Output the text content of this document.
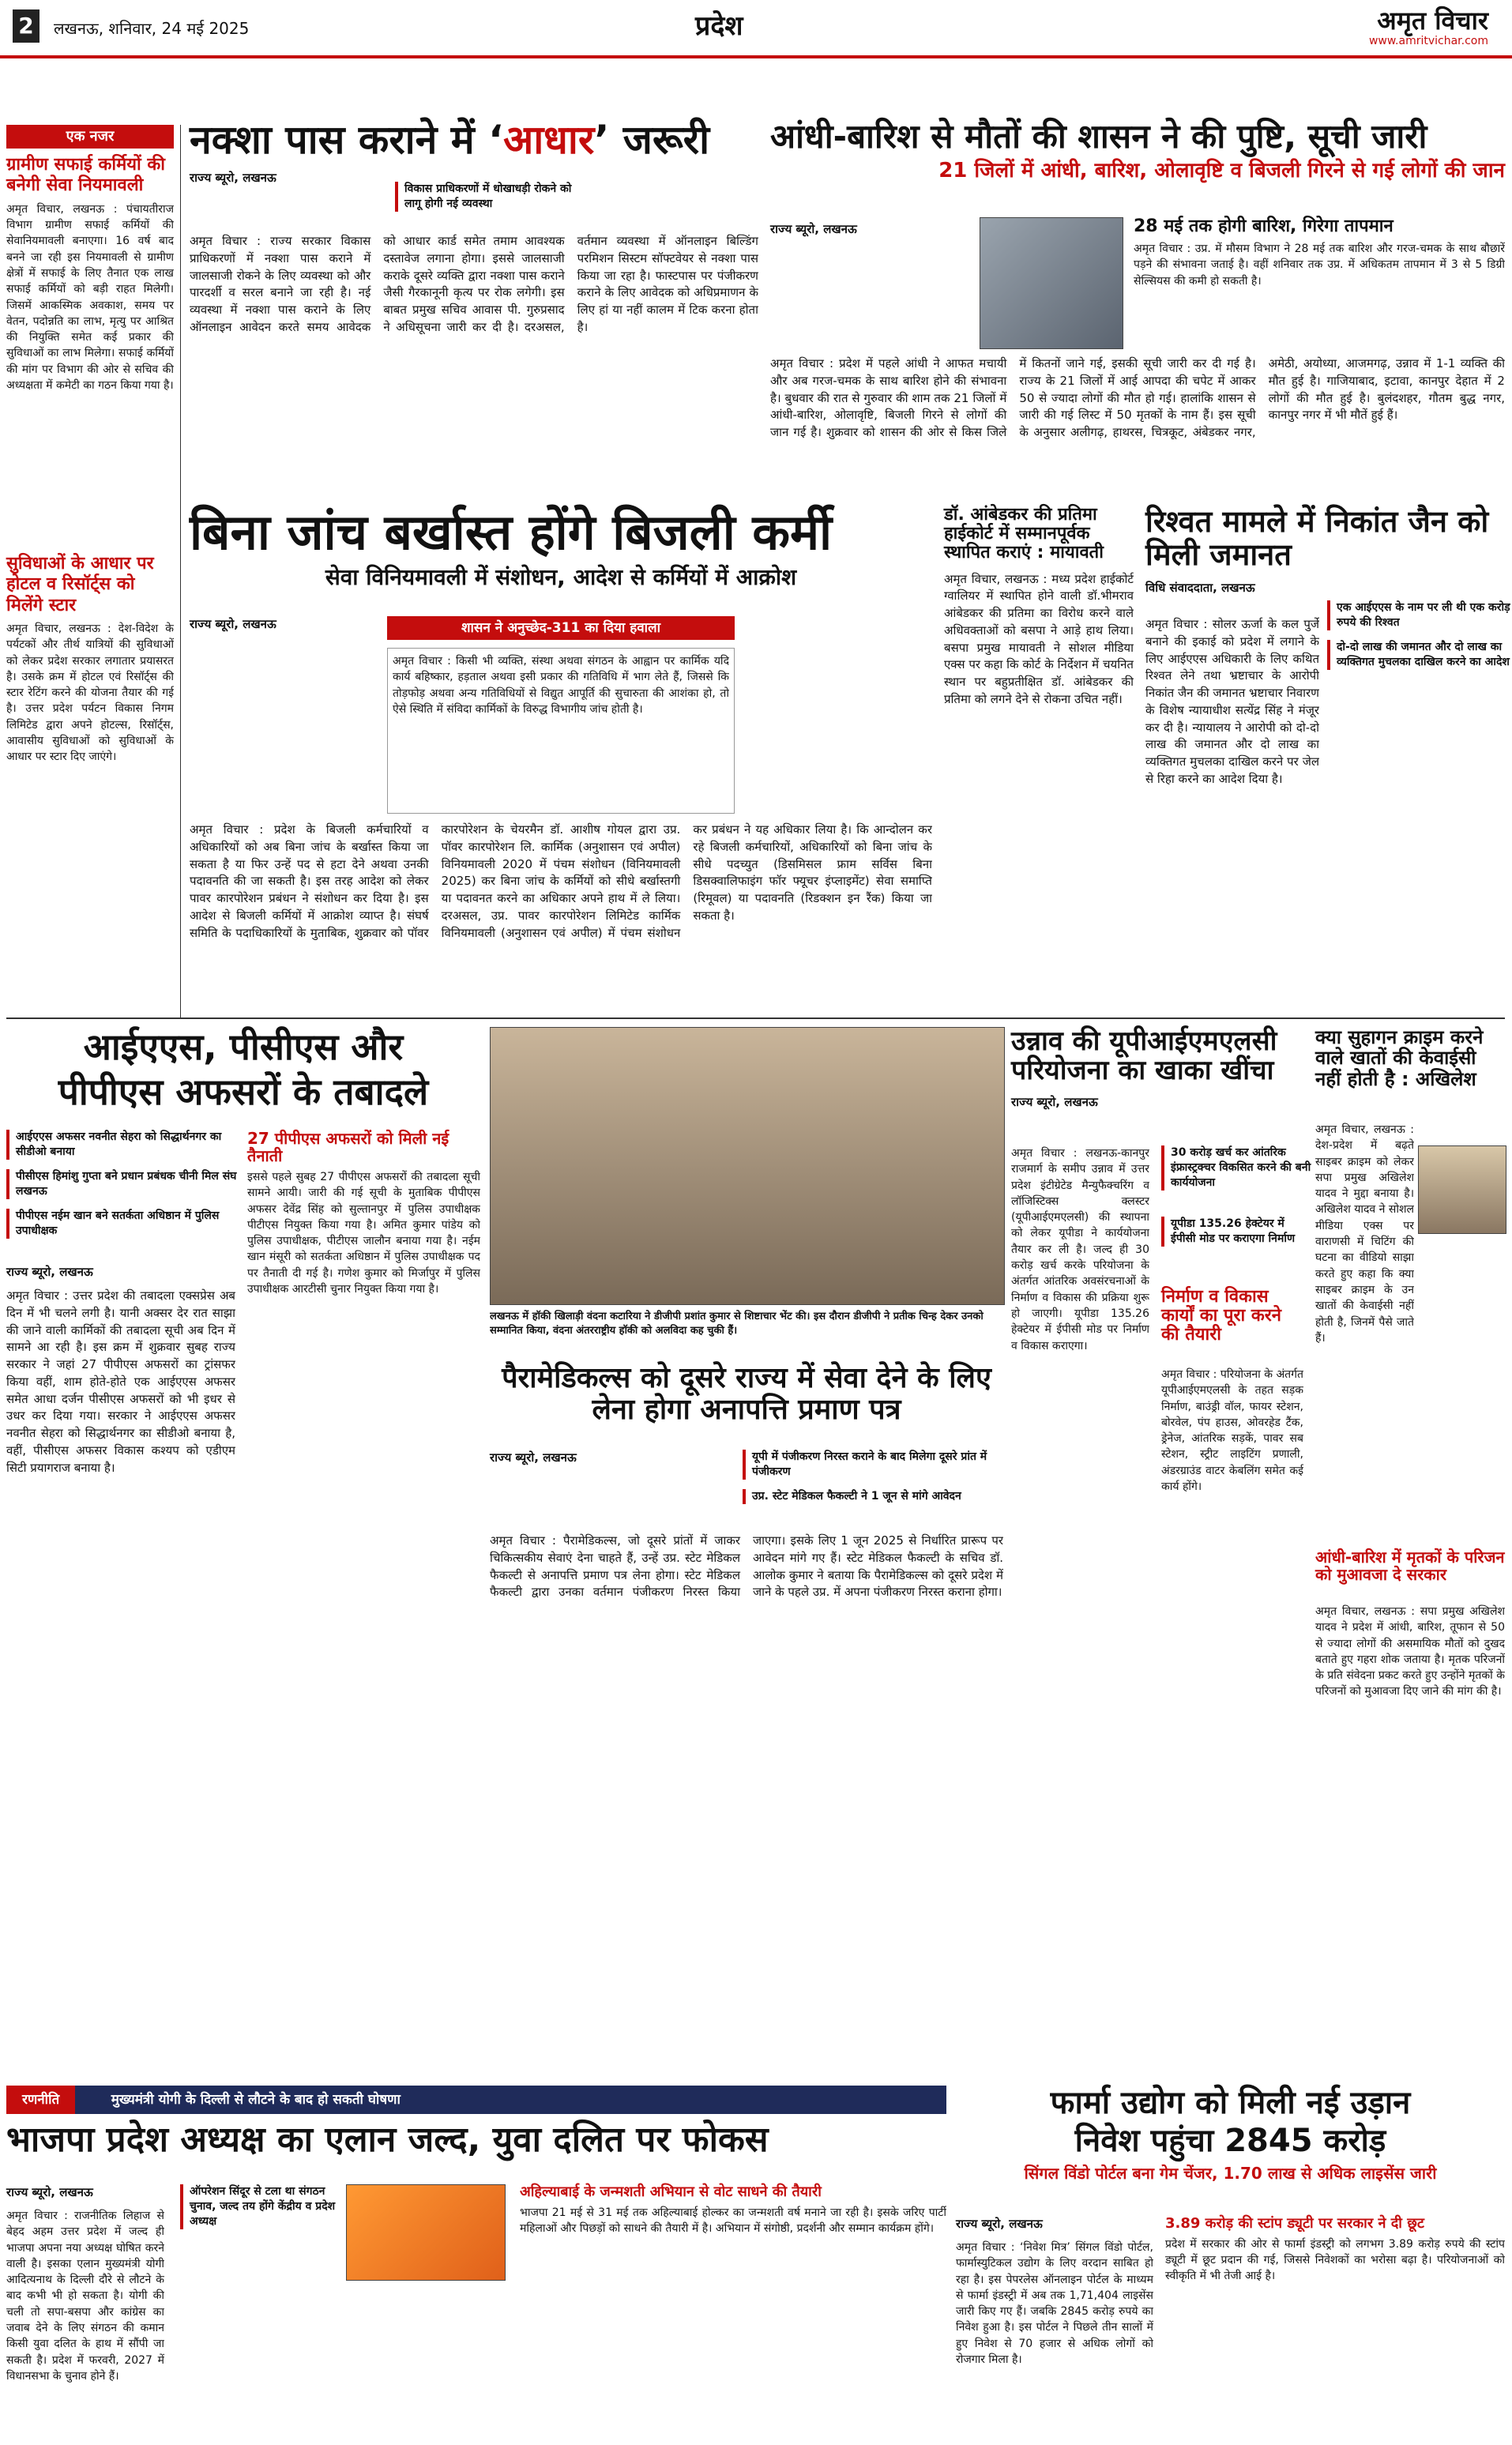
2	लखनऊ, शनिवार, 24 मई 2025	प्रदेश	अमृत विचार
www.amritvichar.com
एक नजर
ग्रामीण सफाई कर्मियों की बनेगी सेवा नियमावली
अमृत विचार, लखनऊ : पंचायतीराज विभाग ग्रामीण सफाई कर्मियों की सेवानियमावली बनाएगा। 16 वर्ष बाद बनने जा रही इस नियमावली से ग्रामीण क्षेत्रों में सफाई के लिए तैनात एक लाख सफाई कर्मियों को बड़ी राहत मिलेगी। जिसमें आकस्मिक अवकाश, समय पर वेतन, पदोन्नति का लाभ, मृत्यु पर आश्रित की नियुक्ति समेत कई प्रकार की सुविधाओं का लाभ मिलेगा। सफाई कर्मियों की मांग पर विभाग की ओर से सचिव की अध्यक्षता में कमेटी का गठन किया गया है।
सुविधाओं के आधार पर होटल व रिसॉर्ट्स को मिलेंगे स्टार
अमृत विचार, लखनऊ : देश-विदेश के पर्यटकों और तीर्थ यात्रियों की सुविधाओं को लेकर प्रदेश सरकार लगातार प्रयासरत है। उसके क्रम में होटल एवं रिसॉर्ट्स की स्टार रेटिंग करने की योजना तैयार की गई है। उत्तर प्रदेश पर्यटन विकास निगम लिमिटेड द्वारा अपने होटल्स, रिसॉर्ट्स, आवासीय सुविधाओं को सुविधाओं के आधार पर स्टार दिए जाएंगे।
नक्शा पास कराने में ‘आधार’ जरूरी
राज्य ब्यूरो, लखनऊ
विकास प्राधिकरणों में धोखाधड़ी रोकने को लागू होगी नई व्यवस्था
अमृत विचार : राज्य सरकार विकास प्राधिकरणों में नक्शा पास कराने में जालसाजी रोकने के लिए व्यवस्था को और पारदर्शी व सरल बनाने जा रही है। नई व्यवस्था में नक्शा पास कराने के लिए ऑनलाइन आवेदन करते समय आवेदक को आधार कार्ड समेत तमाम आवश्यक दस्तावेज लगाना होगा। इससे जालसाजी कराके दूसरे व्यक्ति द्वारा नक्शा पास कराने जैसी गैरकानूनी कृत्य पर रोक लगेगी। इस बाबत प्रमुख सचिव आवास पी. गुरुप्रसाद ने अधिसूचना जारी कर दी है। दरअसल, वर्तमान व्यवस्था में ऑनलाइन बिल्डिंग परमिशन सिस्टम सॉफ्टवेयर से नक्शा पास किया जा रहा है। फास्टपास पर पंजीकरण कराने के लिए आवेदक को अधिप्रमाणन के लिए हां या नहीं कालम में टिक करना होता है।
आंधी-बारिश से मौतों की शासन ने की पुष्टि, सूची जारी
21 जिलों में आंधी, बारिश, ओलावृष्टि व बिजली गिरने से गई लोगों की जान
राज्य ब्यूरो, लखनऊ	28 मई तक होगी बारिश, गिरेगा तापमान
अमृत विचार : उप्र. में मौसम विभाग ने 28 मई तक बारिश और गरज-चमक के साथ बौछारें पड़ने की संभावना जताई है। वहीं शनिवार तक उप्र. में अधिकतम तापमान में 3 से 5 डिग्री सेल्सियस की कमी हो सकती है।
अमृत विचार : प्रदेश में पहले आंधी ने आफत मचायी और अब गरज-चमक के साथ बारिश होने की संभावना है। बुधवार की रात से गुरुवार की शाम तक 21 जिलों में आंधी-बारिश, ओलावृष्टि, बिजली गिरने से लोगों की जान गई है। शुक्रवार को शासन की ओर से किस जिले में कितनों जाने गई, इसकी सूची जारी कर दी गई है। राज्य के 21 जिलों में आई आपदा की चपेट में आकर 50 से ज्यादा लोगों की मौत हो गई। हालांकि शासन से जारी की गई लिस्ट में 50 मृतकों के नाम हैं। इस सूची के अनुसार अलीगढ़, हाथरस, चित्रकूट, अंबेडकर नगर, अमेठी, अयोध्या, आजमगढ़, उन्नाव में 1-1 व्यक्ति की मौत हुई है। गाजियाबाद, इटावा, कानपुर देहात में 2 लोगों की मौत हुई है। बुलंदशहर, गौतम बुद्ध नगर, कानपुर नगर में भी मौतें हुई हैं।
बिना जांच बर्खास्त होंगे बिजली कर्मी
सेवा विनियमावली में संशोधन, आदेश से कर्मियों में आक्रोश
राज्य ब्यूरो, लखनऊ	शासन ने अनुच्छेद-311 का दिया हवाला
अमृत विचार : किसी भी व्यक्ति, संस्था अथवा संगठन के आह्वान पर कार्मिक यदि कार्य बहिष्कार, हड़ताल अथवा इसी प्रकार की गतिविधि में भाग लेते हैं, जिससे कि तोड़फोड़ अथवा अन्य गतिविधियों से विद्युत आपूर्ति की सुचारुता की आशंका हो, तो ऐसे स्थिति में संविदा कार्मिकों के विरुद्ध विभागीय जांच होती है।
अमृत विचार : प्रदेश के बिजली कर्मचारियों व अधिकारियों को अब बिना जांच के बर्खास्त किया जा सकता है या फिर उन्हें पद से हटा देने अथवा उनकी पदावनति की जा सकती है। इस तरह आदेश को लेकर पावर कारपोरेशन प्रबंधन ने संशोधन कर दिया है। इस आदेश से बिजली कर्मियों में आक्रोश व्याप्त है। संघर्ष समिति के पदाधिकारियों के मुताबिक, शुक्रवार को पॉवर कारपोरेशन के चेयरमैन डॉ. आशीष गोयल द्वारा उप्र. पॉवर कारपोरेशन लि. कार्मिक (अनुशासन एवं अपील) विनियमावली 2020 में पंचम संशोधन (विनियमावली 2025) कर बिना जांच के कर्मियों को सीधे बर्खास्तगी या पदावनत करने का अधिकार अपने हाथ में ले लिया। दरअसल, उप्र. पावर कारपोरेशन लिमिटेड कार्मिक विनियमावली (अनुशासन एवं अपील) में पंचम संशोधन कर प्रबंधन ने यह अधिकार लिया है। कि आन्दोलन कर रहे बिजली कर्मचारियों, अधिकारियों को बिना जांच के सीधे पदच्युत (डिसमिसल फ्राम सर्विस बिना डिसक्वालिफाइंग फॉर फ्यूचर इंप्लाइमेंट) सेवा समाप्ति (रिमूवल) या पदावनति (रिडक्शन इन रैंक) किया जा सकता है।
डॉ. आंबेडकर की प्रतिमा हाईकोर्ट में सम्मानपूर्वक स्थापित कराएं : मायावती
अमृत विचार, लखनऊ : मध्य प्रदेश हाईकोर्ट ग्वालियर में स्थापित होने वाली डॉ.भीमराव आंबेडकर की प्रतिमा का विरोध करने वाले अधिवक्ताओं को बसपा ने आड़े हाथ लिया। बसपा प्रमुख मायावती ने सोशल मीडिया एक्स पर कहा कि कोर्ट के निर्देशन में चयनित स्थान पर बहुप्रतीक्षित डॉ. आंबेडकर की प्रतिमा को लगने देने से रोकना उचित नहीं।
रिश्वत मामले में निकांत जैन को मिली जमानत
विधि संवाददाता, लखनऊ
एक आईएएस के नाम पर ली थी एक करोड़ रुपये की रिश्वत
दो-दो लाख की जमानत और दो लाख का व्यक्तिगत मुचलका दाखिल करने का आदेश
अमृत विचार : सोलर ऊर्जा के कल पुर्जे बनाने की इकाई को प्रदेश में लगाने के लिए आईएएस अधिकारी के लिए कथित रिश्वत लेने तथा भ्रष्टाचार के आरोपी निकांत जैन की जमानत भ्रष्टाचार निवारण के विशेष न्यायाधीश सत्येंद्र सिंह ने मंजूर कर दी है। न्यायालय ने आरोपी को दो-दो लाख की जमानत और दो लाख का व्यक्तिगत मुचलका दाखिल करने पर जेल से रिहा करने का आदेश दिया है।
आईएएस, पीसीएस और
पीपीएस अफसरों के तबादले
आईएएस अफसर नवनीत सेहरा को सिद्धार्थनगर का सीडीओ बनाया
पीसीएस हिमांशु गुप्ता बने प्रधान प्रबंधक चीनी मिल संघ लखनऊ
पीपीएस नईम खान बने सतर्कता अधिष्ठान में पुलिस उपाधीक्षक
राज्य ब्यूरो, लखनऊ
अमृत विचार : उत्तर प्रदेश की तबादला एक्सप्रेस अब दिन में भी चलने लगी है। यानी अक्सर देर रात साझा की जाने वाली कार्मिकों की तबादला सूची अब दिन में सामने आ रही है। इस क्रम में शुक्रवार सुबह राज्य सरकार ने जहां 27 पीपीएस अफसरों का ट्रांसफर किया वहीं, शाम होते-होते एक आईएएस अफसर समेत आधा दर्जन पीसीएस अफसरों को भी इधर से उधर कर दिया गया। सरकार ने आईएएस अफसर नवनीत सेहरा को सिद्धार्थनगर का सीडीओ बनाया है, वहीं, पीसीएस अफसर विकास कश्यप को एडीएम सिटी प्रयागराज बनाया है।
27 पीपीएस अफसरों को मिली नई तैनाती
इससे पहले सुबह 27 पीपीएस अफसरों की तबादला सूची सामने आयी। जारी की गई सूची के मुताबिक पीपीएस अफसर देवेंद्र सिंह को सुल्तानपुर में पुलिस उपाधीक्षक पीटीएस नियुक्त किया गया है। अमित कुमार पांडेय को पुलिस उपाधीक्षक, पीटीएस जालौन बनाया गया है। नईम खान मंसूरी को सतर्कता अधिष्ठान में पुलिस उपाधीक्षक पद पर तैनाती दी गई है। गणेश कुमार को मिर्जापुर में पुलिस उपाधीक्षक आरटीसी चुनार नियुक्त किया गया है।
लखनऊ में हॉकी खिलाड़ी वंदना कटारिया ने डीजीपी प्रशांत कुमार से शिष्टाचार भेंट की। इस दौरान डीजीपी ने प्रतीक चिन्ह देकर उनको सम्मानित किया, वंदना अंतरराष्ट्रीय हॉकी को अलविदा कह चुकी हैं।
पैरामेडिकल्स को दूसरे राज्य में सेवा देने के लिए लेना होगा अनापत्ति प्रमाण पत्र
राज्य ब्यूरो, लखनऊ	यूपी में पंजीकरण निरस्त कराने के बाद मिलेगा दूसरे प्रांत में पंजीकरण
उप्र. स्टेट मेडिकल फैकल्टी ने 1 जून से मांगे आवेदन
अमृत विचार : पैरामेडिकल्स, जो दूसरे प्रांतों में जाकर चिकित्सकीय सेवाएं देना चाहते हैं, उन्हें उप्र. स्टेट मेडिकल फैकल्टी से अनापत्ति प्रमाण पत्र लेना होगा। स्टेट मेडिकल फैकल्टी द्वारा उनका वर्तमान पंजीकरण निरस्त किया जाएगा। इसके लिए 1 जून 2025 से निर्धारित प्रारूप पर आवेदन मांगे गए हैं। स्टेट मेडिकल फैकल्टी के सचिव डॉ. आलोक कुमार ने बताया कि पैरामेडिकल्स को दूसरे प्रदेश में जाने के पहले उप्र. में अपना पंजीकरण निरस्त कराना होगा।
उन्नाव की यूपीआईएमएलसी परियोजना का खाका खींचा
राज्य ब्यूरो, लखनऊ
अमृत विचार : लखनऊ-कानपुर राजमार्ग के समीप उन्नाव में उत्तर प्रदेश इंटीग्रेटेड मैन्युफैक्चरिंग व लॉजिस्टिक्स क्लस्टर (यूपीआईएमएलसी) की स्थापना को लेकर यूपीडा ने कार्ययोजना तैयार कर ली है। जल्द ही 30 करोड़ खर्च करके परियोजना के अंतर्गत आंतरिक अवसंरचनाओं के निर्माण व विकास की प्रक्रिया शुरू हो जाएगी। यूपीडा 135.26 हेक्टेयर में ईपीसी मोड पर निर्माण व विकास कराएगा।
30 करोड़ खर्च कर आंतरिक इंफ्रास्ट्रक्चर विकसित करने की बनी कार्ययोजना
यूपीडा 135.26 हेक्टेयर में ईपीसी मोड पर कराएगा निर्माण
निर्माण व विकास कार्यों का पूरा करने की तैयारी
अमृत विचार : परियोजना के अंतर्गत यूपीआईएमएलसी के तहत सड़क निर्माण, बाउंड्री वॉल, फायर स्टेशन, बोरवेल, पंप हाउस, ओवरहेड टैंक, ड्रेनेज, आंतरिक सड़कें, पावर सब स्टेशन, स्ट्रीट लाइटिंग प्रणाली, अंडरग्राउंड वाटर केबलिंग समेत कई कार्य होंगे।
क्या सुहागन क्राइम करने वाले खातों की केवाईसी नहीं होती है : अखिलेश
अमृत विचार, लखनऊ : देश-प्रदेश में बढ़ते साइबर क्राइम को लेकर सपा प्रमुख अखिलेश यादव ने मुद्दा बनाया है। अखिलेश यादव ने सोशल मीडिया एक्स पर वाराणसी में चिटिंग की घटना का वीडियो साझा करते हुए कहा कि क्या साइबर क्राइम के उन खातों की केवाईसी नहीं होती है, जिनमें पैसे जाते हैं।
आंधी-बारिश में मृतकों के परिजन को मुआवजा दे सरकार
अमृत विचार, लखनऊ : सपा प्रमुख अखिलेश यादव ने प्रदेश में आंधी, बारिश, तूफान से 50 से ज्यादा लोगों की असमायिक मौतों को दुखद बताते हुए गहरा शोक जताया है। मृतक परिजनों के प्रति संवेदना प्रकट करते हुए उन्होंने मृतकों के परिजनों को मुआवजा दिए जाने की मांग की है।
रणनीति	मुख्यमंत्री योगी के दिल्ली से लौटने के बाद हो सकती घोषणा
भाजपा प्रदेश अध्यक्ष का एलान जल्द, युवा दलित पर फोकस
राज्य ब्यूरो, लखनऊ	ऑपरेशन सिंदूर से टला था संगठन चुनाव, जल्द तय होंगे केंद्रीय व प्रदेश अध्यक्ष
अमृत विचार : राजनीतिक लिहाज से बेहद अहम उत्तर प्रदेश में जल्द ही भाजपा अपना नया अध्यक्ष घोषित करने वाली है। इसका एलान मुख्यमंत्री योगी आदित्यनाथ के दिल्ली दौरे से लौटने के बाद कभी भी हो सकता है। योगी की चली तो सपा-बसपा और कांग्रेस का जवाब देने के लिए संगठन की कमान किसी युवा दलित के हाथ में सौंपी जा सकती है। प्रदेश में फरवरी, 2027 में विधानसभा के चुनाव होने हैं।
अहिल्याबाई के जन्मशती अभियान से वोट साधने की तैयारी
भाजपा 21 मई से 31 मई तक अहिल्याबाई होल्कर का जन्मशती वर्ष मनाने जा रही है। इसके जरिए पार्टी महिलाओं और पिछड़ों को साधने की तैयारी में है। अभियान में संगोष्ठी, प्रदर्शनी और सम्मान कार्यक्रम होंगे।
फार्मा उद्योग को मिली नई उड़ान
निवेश पहुंचा 2845 करोड़
सिंगल विंडो पोर्टल बना गेम चेंजर, 1.70 लाख से अधिक लाइसेंस जारी
राज्य ब्यूरो, लखनऊ
अमृत विचार : ‘निवेश मित्र’ सिंगल विंडो पोर्टल, फार्मास्युटिकल उद्योग के लिए वरदान साबित हो रहा है। इस पेपरलेस ऑनलाइन पोर्टल के माध्यम से फार्मा इंडस्ट्री में अब तक 1,71,404 लाइसेंस जारी किए गए हैं। जबकि 2845 करोड़ रुपये का निवेश हुआ है। इस पोर्टल ने पिछले तीन सालों में हुए निवेश से 70 हजार से अधिक लोगों को रोजगार मिला है।
3.89 करोड़ की स्टांप ड्यूटी पर सरकार ने दी छूट
प्रदेश में सरकार की ओर से फार्मा इंडस्ट्री को लगभग 3.89 करोड़ रुपये की स्टांप ड्यूटी में छूट प्रदान की गई, जिससे निवेशकों का भरोसा बढ़ा है। परियोजनाओं को स्वीकृति में भी तेजी आई है।
